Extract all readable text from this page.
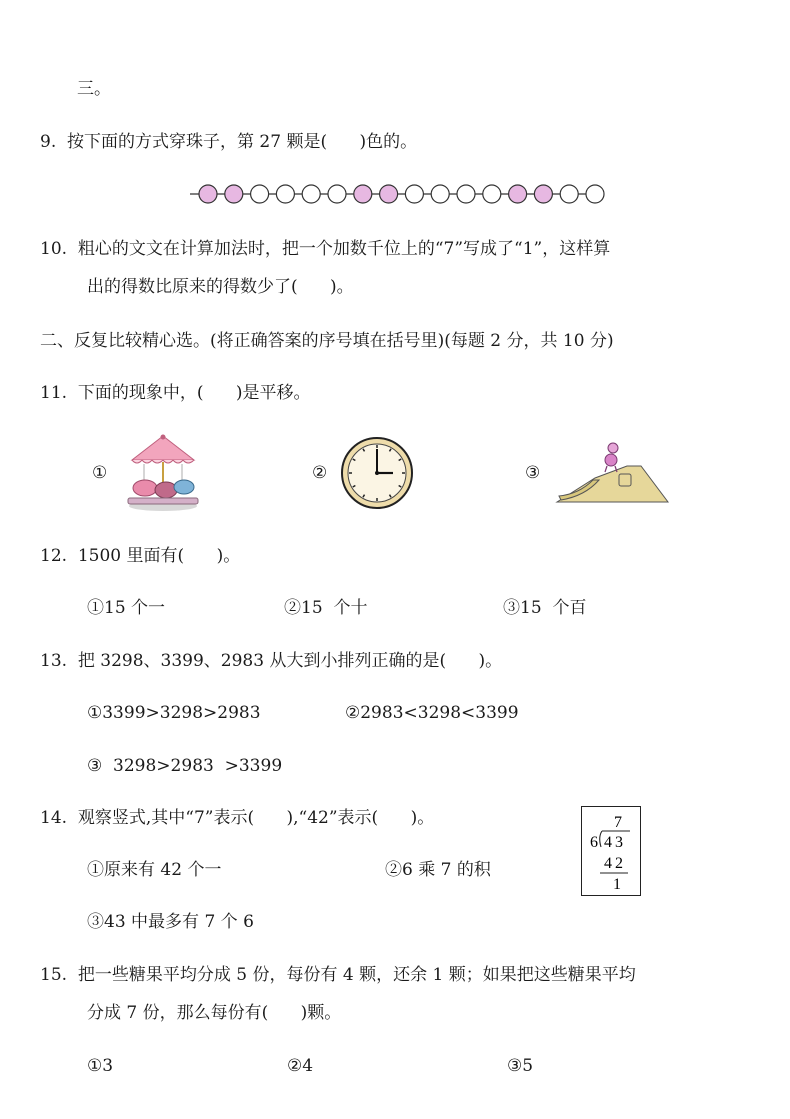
三。
9.  按下面的方式穿珠子，第 27 颗是(      )色的。
10.  粗心的文文在计算加法时，把一个加数千位上的“7”写成了“1”，这样算
出的得数比原来的得数少了(      )。
二、反复比较精心选。(将正确答案的序号填在括号里)(每题 2 分，共 10 分)
11.  下面的现象中，(      )是平移。
①	②	③
12.  1500 里面有(      )。
①15 个一	②15  个十	③15  个百
13.  把 3298、3399、2983 从大到小排列正确的是(      )。
①3399>3298>2983	②2983<3298<3399
③  3298>2983  >3399
14.  观察竖式,其中“7”表示(      ),“42”表示(      )。
①原来有 42 个一	②6 乘 7 的积
③43 中最多有 7 个 6
7
6 43
42
1
15.  把一些糖果平均分成 5 份，每份有 4 颗，还余 1 颗；如果把这些糖果平均
分成 7 份，那么每份有(      )颗。
①3	②4	③5
